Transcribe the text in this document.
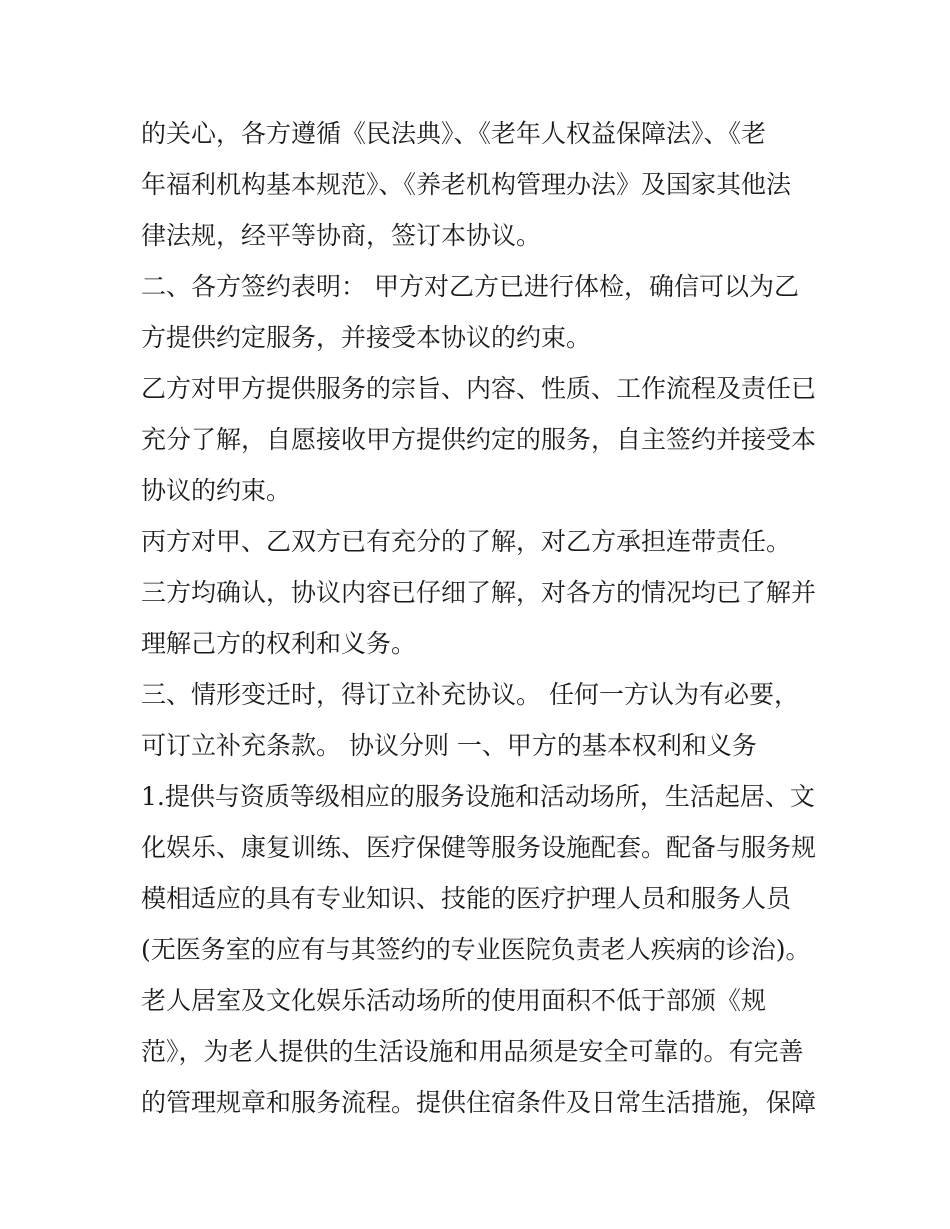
的关心，各方遵循《民法典》、《老年人权益保障法》、《老
年福利机构基本规范》、《养老机构管理办法》及国家其他法
律法规，经平等协商，签订本协议。
二、各方签约表明： 甲方对乙方已进行体检，确信可以为乙
方提供约定服务，并接受本协议的约束。
乙方对甲方提供服务的宗旨、内容、性质、工作流程及责任已
充分了解，自愿接收甲方提供约定的服务，自主签约并接受本
协议的约束。
丙方对甲、乙双方已有充分的了解，对乙方承担连带责任。
三方均确认，协议内容已仔细了解，对各方的情况均已了解并
理解己方的权利和义务。
三、情形变迁时，得订立补充协议。 任何一方认为有必要，
可订立补充条款。 协议分则 一、甲方的基本权利和义务
1.提供与资质等级相应的服务设施和活动场所，生活起居、文
化娱乐、康复训练、医疗保健等服务设施配套。配备与服务规
模相适应的具有专业知识、技能的医疗护理人员和服务人员
(无医务室的应有与其签约的专业医院负责老人疾病的诊治)。
老人居室及文化娱乐活动场所的使用面积不低于部颁《规
范》，为老人提供的生活设施和用品须是安全可靠的。有完善
的管理规章和服务流程。提供住宿条件及日常生活措施，保障
